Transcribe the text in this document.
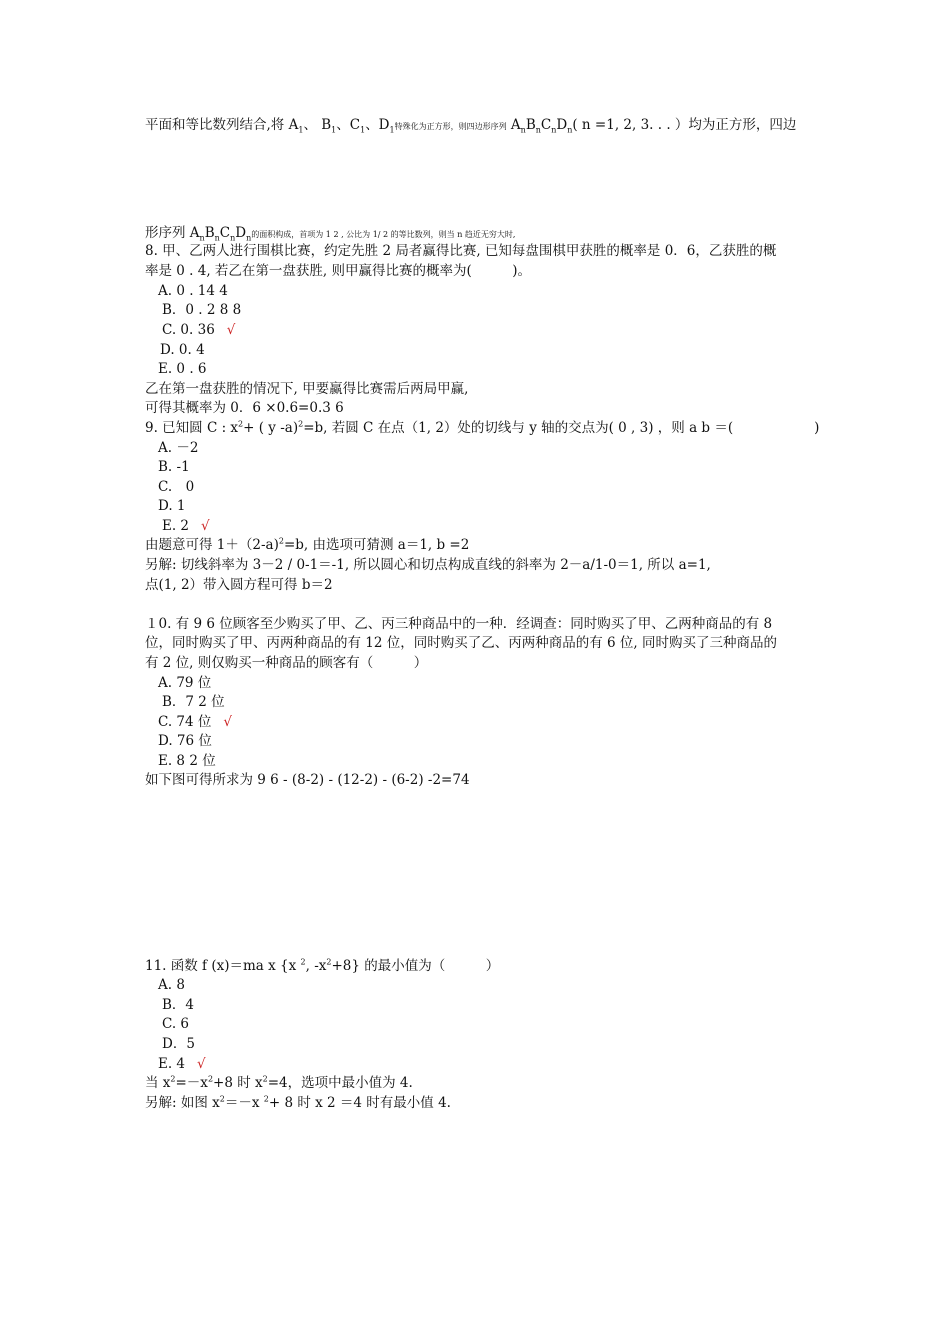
平面和等比数列结合,将 $A_1$、 $B_1$、$C_1$、$D_1$特殊化为正方形，则四边形序列 $A_nB_nC_nD_n$( n =1, 2, 3. . . ）均为正方形，四边
形序列 $A_nB_nC_nD_n$的面积构成，首项为 1 2 , 公比为 1/ 2 的等比数列，则当 n 趋近无穷大时,
8. 甲、乙两人进行围棋比赛，约定先胜 2 局者赢得比赛, 已知每盘围棋甲获胜的概率是 0．6，乙获胜的概
率是 0 . 4, 若乙在第一盘获胜, 则甲赢得比赛的概率为(　　　)。
A. 0 . 14 4
B．0 . 2 8 8
C. 0. 36 √
D. 0. 4
E. 0 . 6
乙在第一盘获胜的情况下, 甲要赢得比赛需后两局甲赢,
可得其概率为 0．6 ×0.6=0.3 6
9. 已知圆 C : $x^2+$ ( y -a)$^2$=b, 若圆 C 在点（1, 2）处的切线与 y 轴的交点为( 0 , 3) ，则 a b ＝(　　　　　　)
A. －2
B. -1
C.　0
D. 1
E. 2 √
由题意可得 1＋（2-a)$^2$=b, 由选项可猜测 a＝1, b =2
另解: 切线斜率为 3－2 / 0-1＝-1, 所以圆心和切点构成直线的斜率为 2－a/1-0＝1, 所以 a=1,
点(1, 2）带入圆方程可得 b＝2
１0. 有 9 6 位顾客至少购买了甲、乙、丙三种商品中的一种．经调查：同时购买了甲、乙两种商品的有 8
位，同时购买了甲、丙两种商品的有 12 位，同时购买了乙、丙两种商品的有 6 位, 同时购买了三种商品的
有 2 位, 则仅购买一种商品的顾客有（　　　）
A. 79 位
B．7 2 位
C. 74 位 √
D. 76 位
E. 8 2 位
如下图可得所求为 9 6 - (8-2) - (12-2) - (6-2) -2=74
11. 函数 f (x)＝ma x {x $^2$, $-x^2+8$} 的最小值为（　　　）
A. 8
B．4
C. 6
D．5
E. 4 √
当 $x^2=-x^2+8$ 时 $x^2=4$，选项中最小值为 4.
另解: 如图 $x^2=-x$ $^2$+ 8 时 x 2 ＝4 时有最小值 4.
